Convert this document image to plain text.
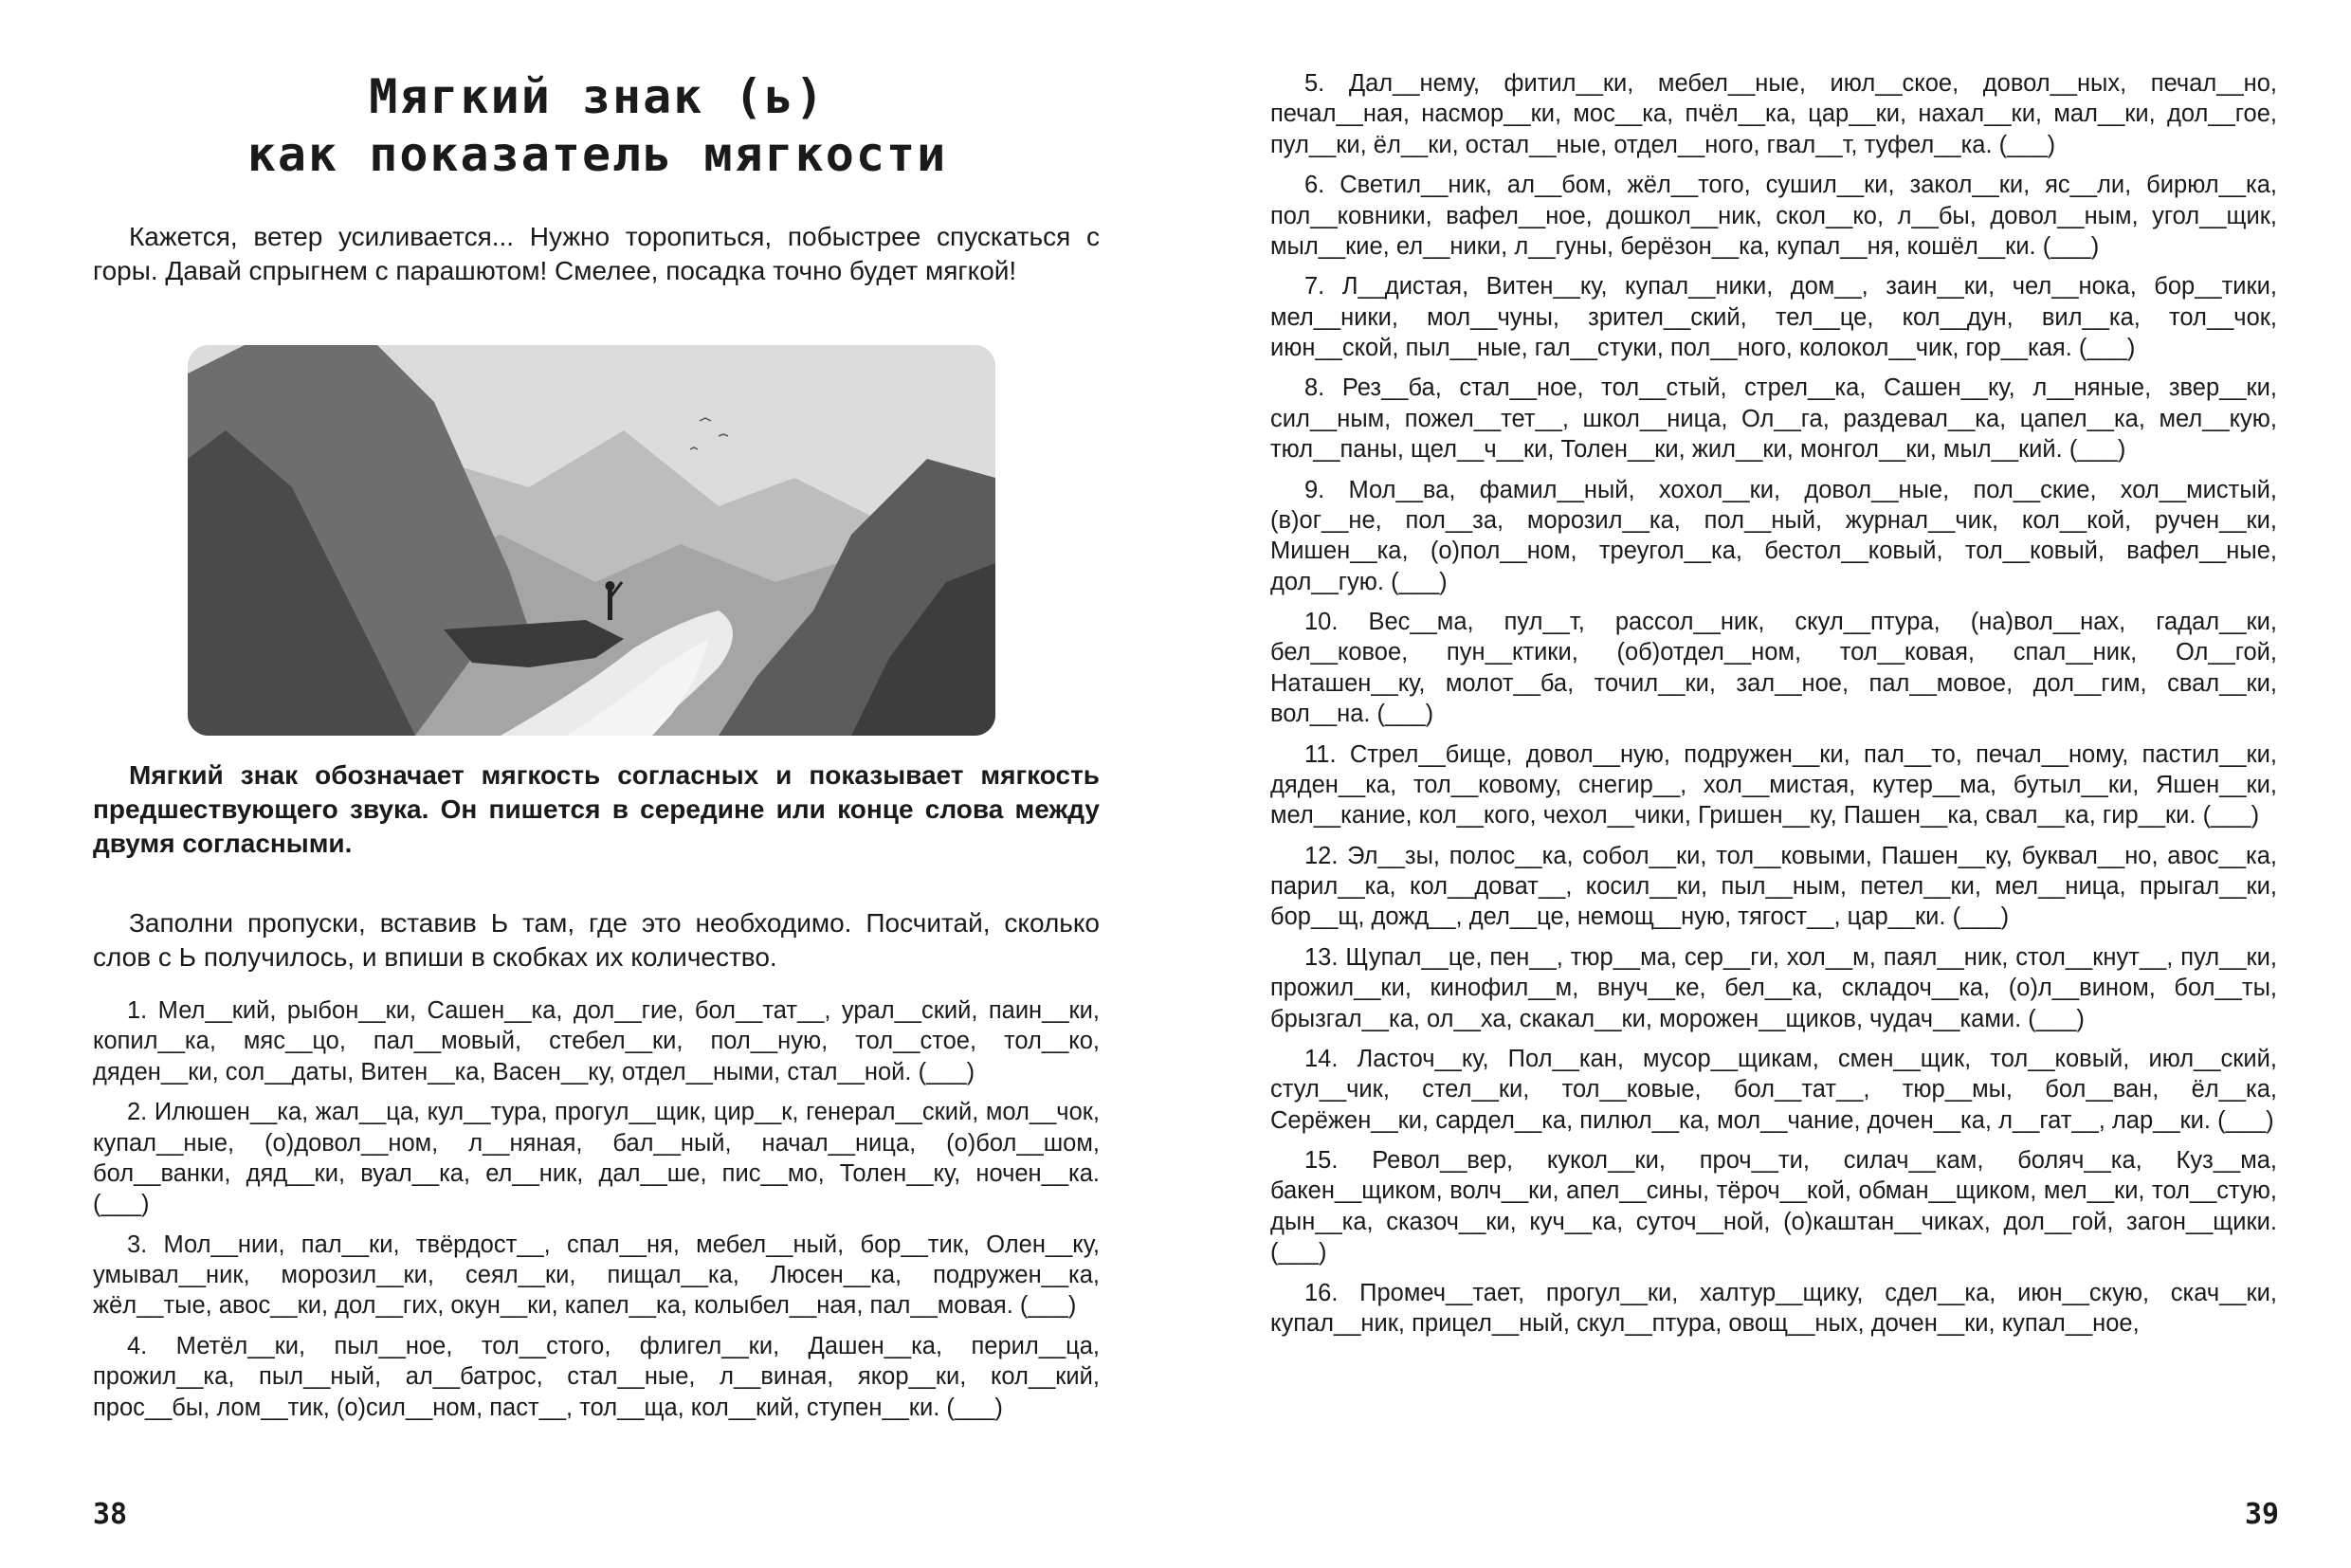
Мягкий знак (ь)
как показатель мягкости

Кажется, ветер усиливается... Нужно торопиться, побыстрее спускаться с горы. Давай спрыгнем с парашютом! Смелее, посадка точно будет мягкой!

Мягкий знак обозначает мягкость согласных и показывает мягкость предшествующего звука. Он пишется в середине или конце слова между двумя согласными.

Заполни пропуски, вставив Ь там, где это необходимо. Посчитай, сколько слов с Ь получилось, и впиши в скобках их количество.

1. Мел__кий, рыбон__ки, Сашен__ка, дол__гие, бол__тат__, урал__ский, паин__ки, копил__ка, мяс__цо, пал__мовый, стебел__ки, пол__ную, тол__стое, тол__ко, дяден__ки, сол__даты, Витен__ка, Васен__ку, отдел__ными, стал__ной. (___)

2. Илюшен__ка, жал__ца, кул__тура, прогул__щик, цир__к, генерал__ский, мол__чок, купал__ные, (о)довол__ном, л__няная, бал__ный, начал__ница, (о)бол__шом, бол__ванки, дяд__ки, вуал__ка, ел__ник, дал__ше, пис__мо, Толен__ку, ночен__ка. (___)

3. Мол__нии, пал__ки, твёрдост__, спал__ня, мебел__ный, бор__тик, Олен__ку, умывал__ник, морозил__ки, сеял__ки, пищал__ка, Люсен__ка, подружен__ка, жёл__тые, авос__ки, дол__гих, окун__ки, капел__ка, колыбел__ная, пал__мовая. (___)

4. Метёл__ки, пыл__ное, тол__стого, флигел__ки, Дашен__ка, перил__ца, прожил__ка, пыл__ный, ал__батрос, стал__ные, л__виная, якор__ки, кол__кий, прос__бы, лом__тик, (о)сил__ном, паст__, тол__ща, кол__кий, ступен__ки. (___)

38

5. Дал__нему, фитил__ки, мебел__ные, июл__ское, довол__ных, печал__но, печал__ная, насмор__ки, мос__ка, пчёл__ка, цар__ки, нахал__ки, мал__ки, дол__гое, пул__ки, ёл__ки, остал__ные, отдел__ного, гвал__т, туфел__ка. (___)

6. Светил__ник, ал__бом, жёл__того, сушил__ки, закол__ки, яс__ли, бирюл__ка, пол__ковники, вафел__ное, дошкол__ник, скол__ко, л__бы, довол__ным, угол__щик, мыл__кие, ел__ники, л__гуны, берёзон__ка, купал__ня, кошёл__ки. (___)

7. Л__дистая, Витен__ку, купал__ники, дом__, заин__ки, чел__нока, бор__тики, мел__ники, мол__чуны, зрител__ский, тел__це, кол__дун, вил__ка, тол__чок, июн__ской, пыл__ные, гал__стуки, пол__ного, колокол__чик, гор__кая. (___)

8. Рез__ба, стал__ное, тол__стый, стрел__ка, Сашен__ку, л__няные, звер__ки, сил__ным, пожел__тет__, школ__ница, Ол__га, раздевал__ка, цапел__ка, мел__кую, тюл__паны, щел__ч__ки, Толен__ки, жил__ки, монгол__ки, мыл__кий. (___)

9. Мол__ва, фамил__ный, хохол__ки, довол__ные, пол__ские, хол__мистый, (в)ог__не, пол__за, морозил__ка, пол__ный, журнал__чик, кол__кой, ручен__ки, Мишен__ка, (о)пол__ном, треугол__ка, бестол__ковый, тол__ковый, вафел__ные, дол__гую. (___)

10. Вес__ма, пул__т, рассол__ник, скул__птура, (на)вол__нах, гадал__ки, бел__ковое, пун__ктики, (об)отдел__ном, тол__ковая, спал__ник, Ол__гой, Наташен__ку, молот__ба, точил__ки, зал__ное, пал__мовое, дол__гим, свал__ки, вол__на. (___)

11. Стрел__бище, довол__ную, подружен__ки, пал__то, печал__ному, пастил__ки, дяден__ка, тол__ковому, снегир__, хол__мистая, кутер__ма, бутыл__ки, Яшен__ки, мел__кание, кол__кого, чехол__чики, Гришен__ку, Пашен__ка, свал__ка, гир__ки. (___)

12. Эл__зы, полос__ка, собол__ки, тол__ковыми, Пашен__ку, буквал__но, авос__ка, парил__ка, кол__доват__, косил__ки, пыл__ным, петел__ки, мел__ница, прыгал__ки, бор__щ, дожд__, дел__це, немощ__ную, тягост__, цар__ки. (___)

13. Щупал__це, пен__, тюр__ма, сер__ги, хол__м, паял__ник, стол__кнут__, пул__ки, прожил__ки, кинофил__м, внуч__ке, бел__ка, складоч__ка, (о)л__вином, бол__ты, брызгал__ка, ол__ха, скакал__ки, морожен__щиков, чудач__ками. (___)

14. Ласточ__ку, Пол__кан, мусор__щикам, смен__щик, тол__ковый, июл__ский, стул__чик, стел__ки, тол__ковые, бол__тат__, тюр__мы, бол__ван, ёл__ка, Серёжен__ки, сардел__ка, пилюл__ка, мол__чание, дочен__ка, л__гат__, лар__ки. (___)

15. Револ__вер, кукол__ки, проч__ти, силач__кам, боляч__ка, Куз__ма, бакен__щиком, волч__ки, апел__сины, тёроч__кой, обман__щиком, мел__ки, тол__стую, дын__ка, сказоч__ки, куч__ка, суточ__ной, (о)каштан__чиках, дол__гой, загон__щики. (___)

16. Промеч__тает, прогул__ки, халтур__щику, сдел__ка, июн__скую, скач__ки, купал__ник, прицел__ный, скул__птура, овощ__ных, дочен__ки, купал__ное,

39
